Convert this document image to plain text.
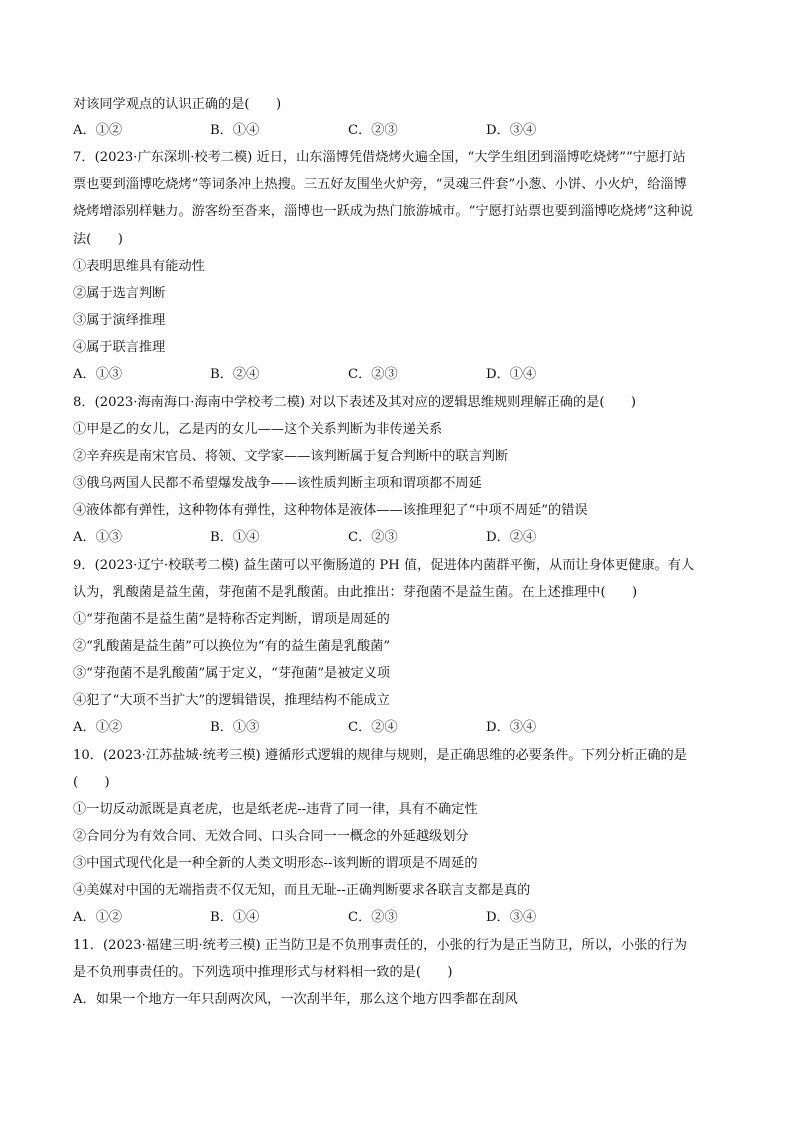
对该同学观点的认识正确的是(　　)
A．①②	B．①④	C．②③	D．③④
7．(2023·广东深圳·校考二模) 近日，山东淄博凭借烧烤火遍全国，“大学生组团到淄博吃烧烤”“宁愿打站
票也要到淄博吃烧烤”等词条冲上热搜。三五好友围坐火炉旁，“灵魂三件套”小葱、小饼、小火炉，给淄博
烧烤增添别样魅力。游客纷至沓来，淄博也一跃成为热门旅游城市。“宁愿打站票也要到淄博吃烧烤”这种说
法(　　)
①表明思维具有能动性
②属于选言判断
③属于演绎推理
④属于联言推理
A．①③	B．②④	C．②③	D．①④
8．(2023·海南海口·海南中学校考二模) 对以下表述及其对应的逻辑思维规则理解正确的是(　　)
①甲是乙的女儿，乙是丙的女儿——这个关系判断为非传递关系
②辛弃疾是南宋官员、将领、文学家——该判断属于复合判断中的联言判断
③俄乌两国人民都不希望爆发战争——该性质判断主项和谓项都不周延
④液体都有弹性，这种物体有弹性，这种物体是液体——该推理犯了“中项不周延”的错误
A．①③	B．①④	C．②③	D．②④
9．(2023·辽宁·校联考二模) 益生菌可以平衡肠道的 PH 值，促进体内菌群平衡，从而让身体更健康。有人
认为，乳酸菌是益生菌，芽孢菌不是乳酸菌。由此推出：芽孢菌不是益生菌。在上述推理中(　　)
①“芽孢菌不是益生菌”是特称否定判断，谓项是周延的
②“乳酸菌是益生菌”可以换位为“有的益生菌是乳酸菌”
③“芽孢菌不是乳酸菌”属于定义，“芽孢菌”是被定义项
④犯了“大项不当扩大”的逻辑错误，推理结构不能成立
A．①②	B．①③	C．②④	D．③④
10．(2023·江苏盐城·统考三模) 遵循形式逻辑的规律与规则，是正确思维的必要条件。下列分析正确的是
(　　)
①一切反动派既是真老虎，也是纸老虎--违背了同一律，具有不确定性
②合同分为有效合同、无效合同、口头合同一一概念的外延越级划分
③中国式现代化是一种全新的人类文明形态--该判断的谓项是不周延的
④美媒对中国的无端指责不仅无知，而且无耻--正确判断要求各联言支都是真的
A．①②	B．①④	C．②③	D．③④
11．(2023·福建三明·统考三模) 正当防卫是不负刑事责任的，小张的行为是正当防卫，所以，小张的行为
是不负刑事责任的。下列选项中推理形式与材料相一致的是(　　)
A．如果一个地方一年只刮两次风，一次刮半年，那么这个地方四季都在刮风
